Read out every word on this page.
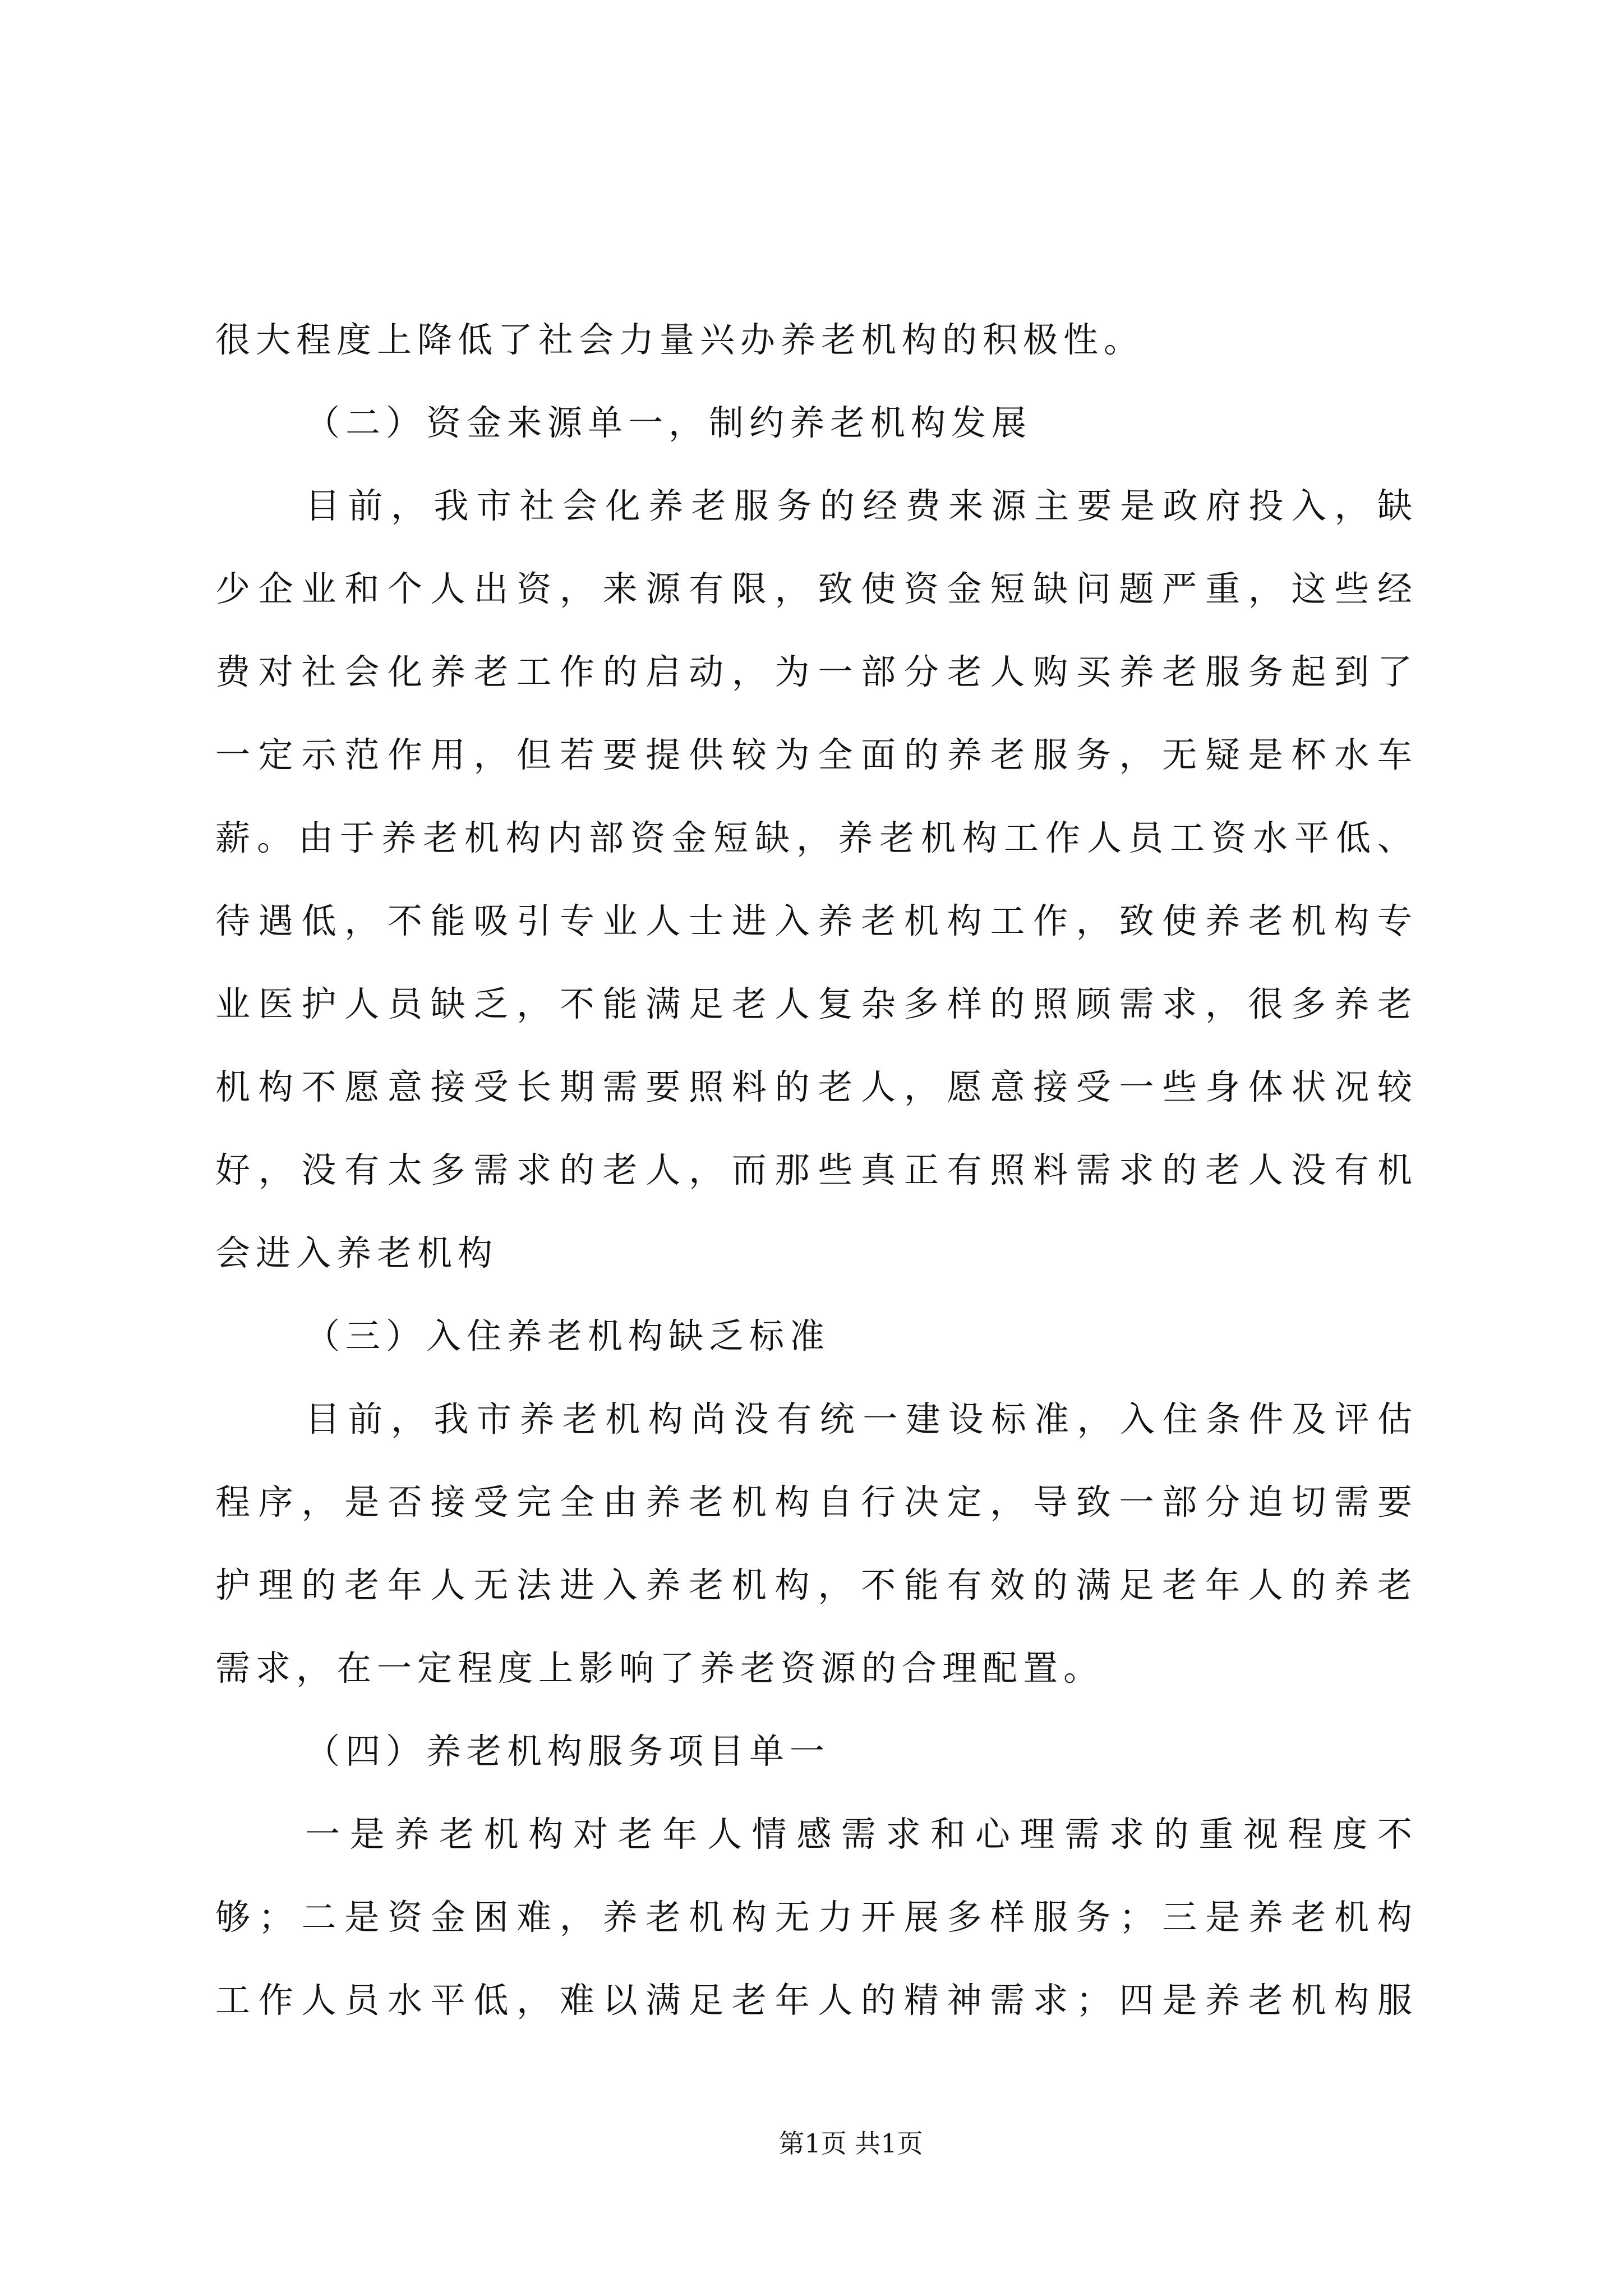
很大程度上降低了社会力量兴办养老机构的积极性。
（二）资金来源单一，制约养老机构发展
目前，我市社会化养老服务的经费来源主要是政府投入，缺
少企业和个人出资，来源有限，致使资金短缺问题严重，这些经
费对社会化养老工作的启动，为一部分老人购买养老服务起到了
一定示范作用，但若要提供较为全面的养老服务，无疑是杯水车
薪。由于养老机构内部资金短缺，养老机构工作人员工资水平低、
待遇低，不能吸引专业人士进入养老机构工作，致使养老机构专
业医护人员缺乏，不能满足老人复杂多样的照顾需求，很多养老
机构不愿意接受长期需要照料的老人，愿意接受一些身体状况较
好，没有太多需求的老人，而那些真正有照料需求的老人没有机
会进入养老机构
（三）入住养老机构缺乏标准
目前，我市养老机构尚没有统一建设标准，入住条件及评估
程序，是否接受完全由养老机构自行决定，导致一部分迫切需要
护理的老年人无法进入养老机构，不能有效的满足老年人的养老
需求，在一定程度上影响了养老资源的合理配置。
（四）养老机构服务项目单一
一是养老机构对老年人情感需求和心理需求的重视程度不
够；二是资金困难，养老机构无力开展多样服务；三是养老机构
工作人员水平低，难以满足老年人的精神需求；四是养老机构服
第1页 共1页
